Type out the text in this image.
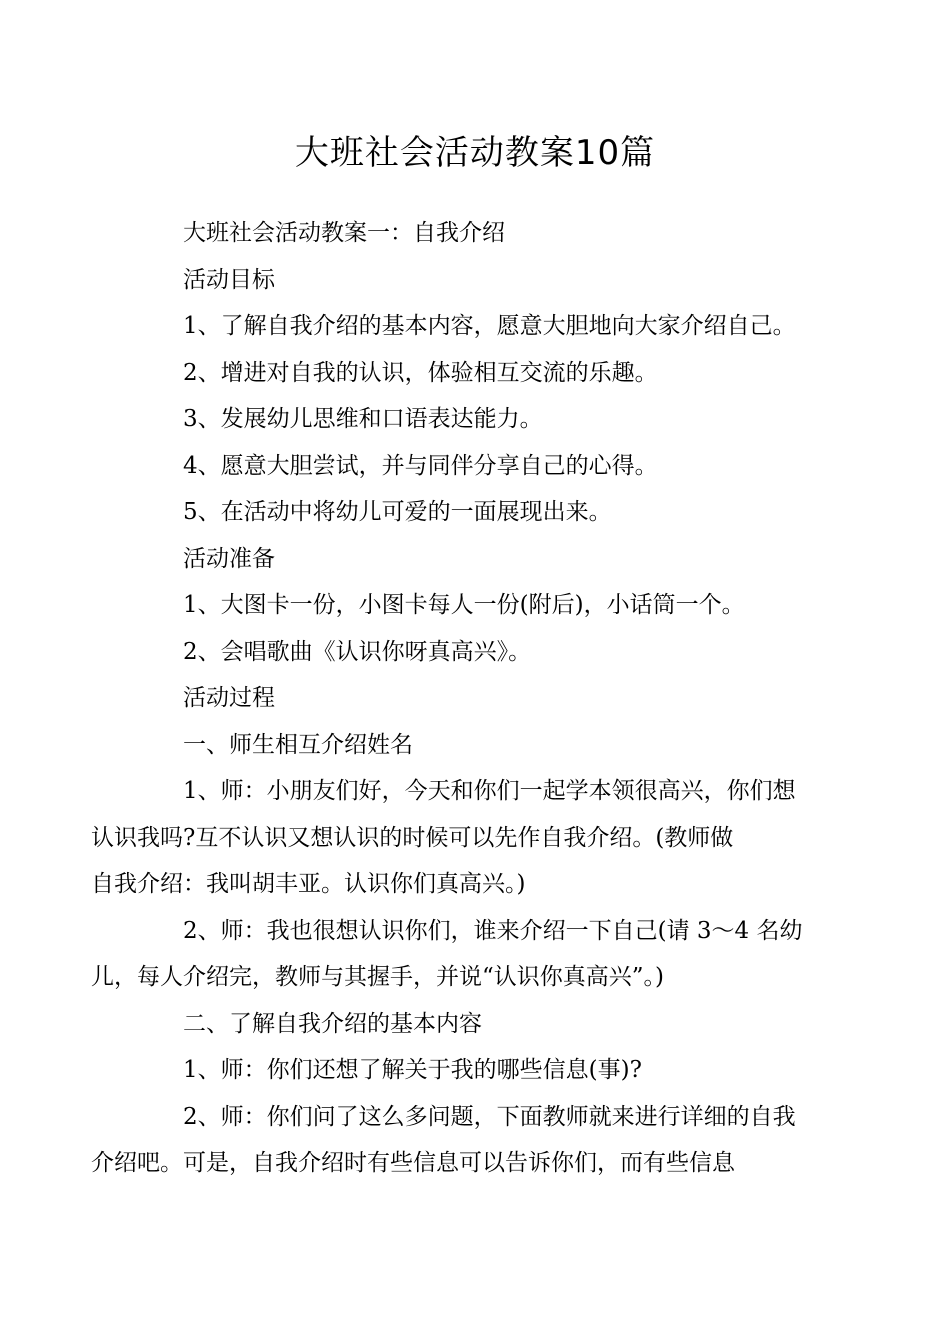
大班社会活动教案10篇

大班社会活动教案一：自我介绍

活动目标

1、了解自我介绍的基本内容，愿意大胆地向大家介绍自己。

2、增进对自我的认识，体验相互交流的乐趣。

3、发展幼儿思维和口语表达能力。

4、愿意大胆尝试，并与同伴分享自己的心得。

5、在活动中将幼儿可爱的一面展现出来。

活动准备

1、大图卡一份，小图卡每人一份(附后)，小话筒一个。

2、会唱歌曲《认识你呀真高兴》。

活动过程

一、师生相互介绍姓名

1、师：小朋友们好，今天和你们一起学本领很高兴，你们想
认识我吗?互不认识又想认识的时候可以先作自我介绍。(教师做
自我介绍：我叫胡丰亚。认识你们真高兴。)

2、师：我也很想认识你们，谁来介绍一下自己(请 3～4 名幼
儿，每人介绍完，教师与其握手，并说“认识你真高兴”。)

二、了解自我介绍的基本内容

1、师：你们还想了解关于我的哪些信息(事)?

2、师：你们问了这么多问题，下面教师就来进行详细的自我
介绍吧。可是，自我介绍时有些信息可以告诉你们，而有些信息
